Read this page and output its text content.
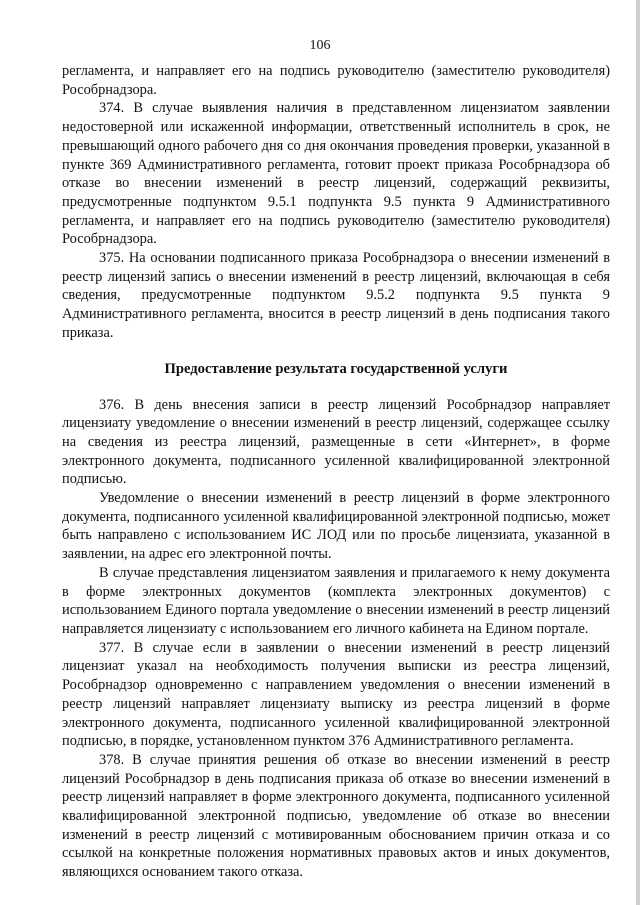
106

регламента, и направляет его на подпись руководителю (заместителю руководителя) Рособрнадзора.

374. В случае выявления наличия в представленном лицензиатом заявлении недостоверной или искаженной информации, ответственный исполнитель в срок, не превышающий одного рабочего дня со дня окончания проведения проверки, указанной в пункте 369 Административного регламента, готовит проект приказа Рособрнадзора об отказе во внесении изменений в реестр лицензий, содержащий реквизиты, предусмотренные подпунктом 9.5.1 подпункта 9.5 пункта 9 Административного регламента, и направляет его на подпись руководителю (заместителю руководителя) Рособрнадзора.

375. На основании подписанного приказа Рособрнадзора о внесении изменений в реестр лицензий запись о внесении изменений в реестр лицензий, включающая в себя сведения, предусмотренные подпунктом 9.5.2 подпункта 9.5 пункта 9 Административного регламента, вносится в реестр лицензий в день подписания такого приказа.

Предоставление результата государственной услуги

376. В день внесения записи в реестр лицензий Рособрнадзор направляет лицензиату уведомление о внесении изменений в реестр лицензий, содержащее ссылку на сведения из реестра лицензий, размещенные в сети «Интернет», в форме электронного документа, подписанного усиленной квалифицированной электронной подписью.

Уведомление о внесении изменений в реестр лицензий в форме электронного документа, подписанного усиленной квалифицированной электронной подписью, может быть направлено с использованием ИС ЛОД или по просьбе лицензиата, указанной в заявлении, на адрес его электронной почты.

В случае представления лицензиатом заявления и прилагаемого к нему документа в форме электронных документов (комплекта электронных документов) с использованием Единого портала уведомление о внесении изменений в реестр лицензий направляется лицензиату с использованием его личного кабинета на Едином портале.

377. В случае если в заявлении о внесении изменений в реестр лицензий лицензиат указал на необходимость получения выписки из реестра лицензий, Рособрнадзор одновременно с направлением уведомления о внесении изменений в реестр лицензий направляет лицензиату выписку из реестра лицензий в форме электронного документа, подписанного усиленной квалифицированной электронной подписью, в порядке, установленном пунктом 376 Административного регламента.

378. В случае принятия решения об отказе во внесении изменений в реестр лицензий Рособрнадзор в день подписания приказа об отказе во внесении изменений в реестр лицензий направляет в форме электронного документа, подписанного усиленной квалифицированной электронной подписью, уведомление об отказе во внесении изменений в реестр лицензий с мотивированным обоснованием причин отказа и со ссылкой на конкретные положения нормативных правовых актов и иных документов, являющихся основанием такого отказа.
